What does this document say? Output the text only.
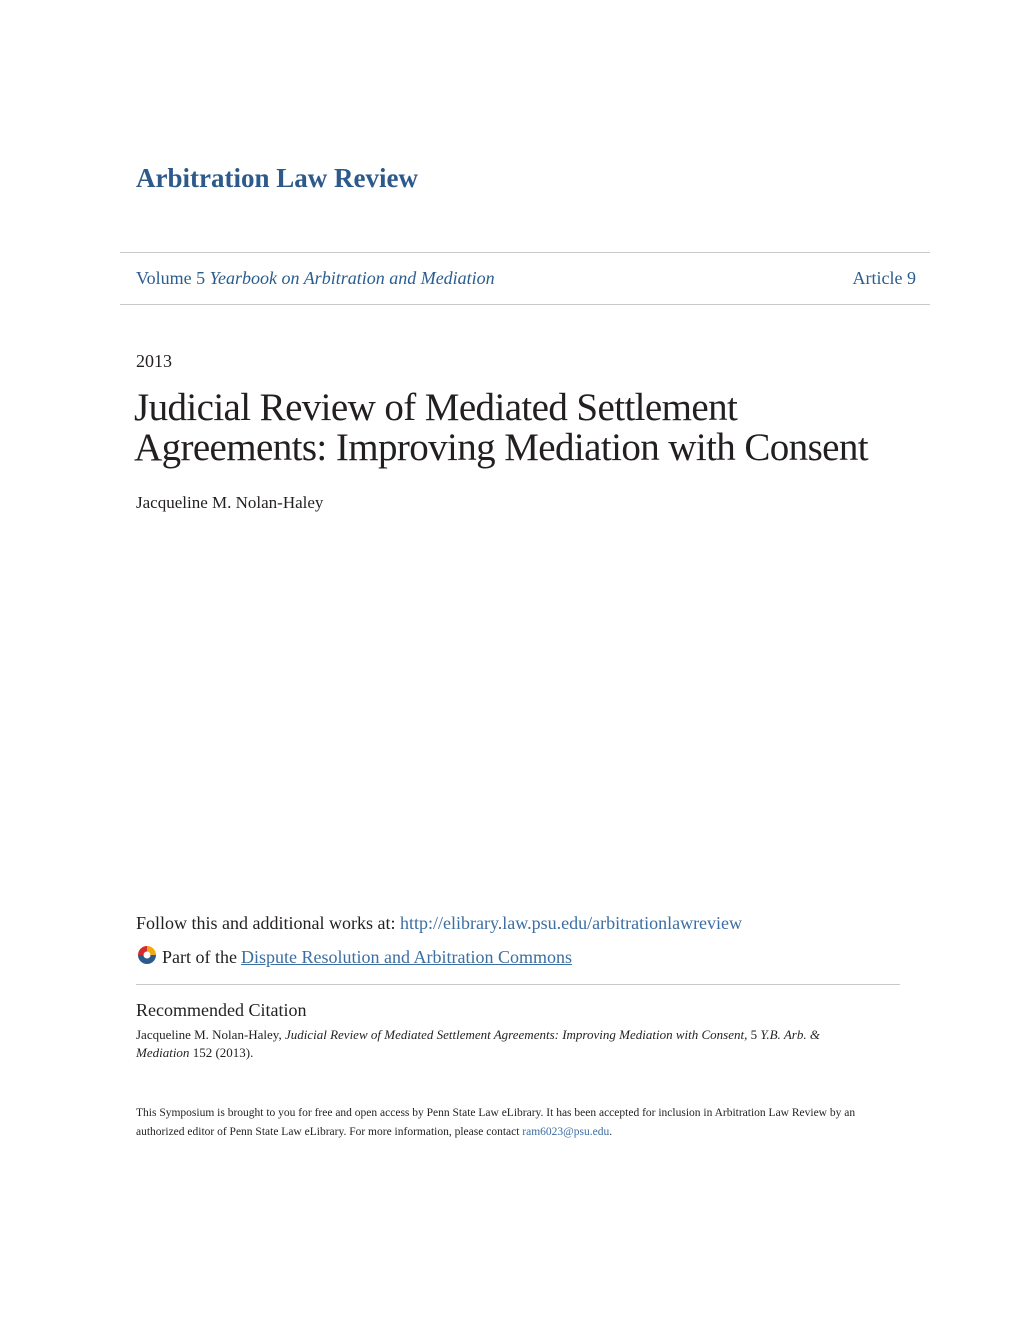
Arbitration Law Review
Volume 5 Yearbook on Arbitration and Mediation	Article 9
2013
Judicial Review of Mediated Settlement
Agreements: Improving Mediation with Consent
Jacqueline M. Nolan-Haley
Follow this and additional works at: http://elibrary.law.psu.edu/arbitrationlawreview
Part of the Dispute Resolution and Arbitration Commons
Recommended Citation
Jacqueline M. Nolan-Haley, Judicial Review of Mediated Settlement Agreements: Improving Mediation with Consent, 5 Y.B. Arb. & Mediation 152 (2013).
This Symposium is brought to you for free and open access by Penn State Law eLibrary. It has been accepted for inclusion in Arbitration Law Review by an authorized editor of Penn State Law eLibrary. For more information, please contact ram6023@psu.edu.
